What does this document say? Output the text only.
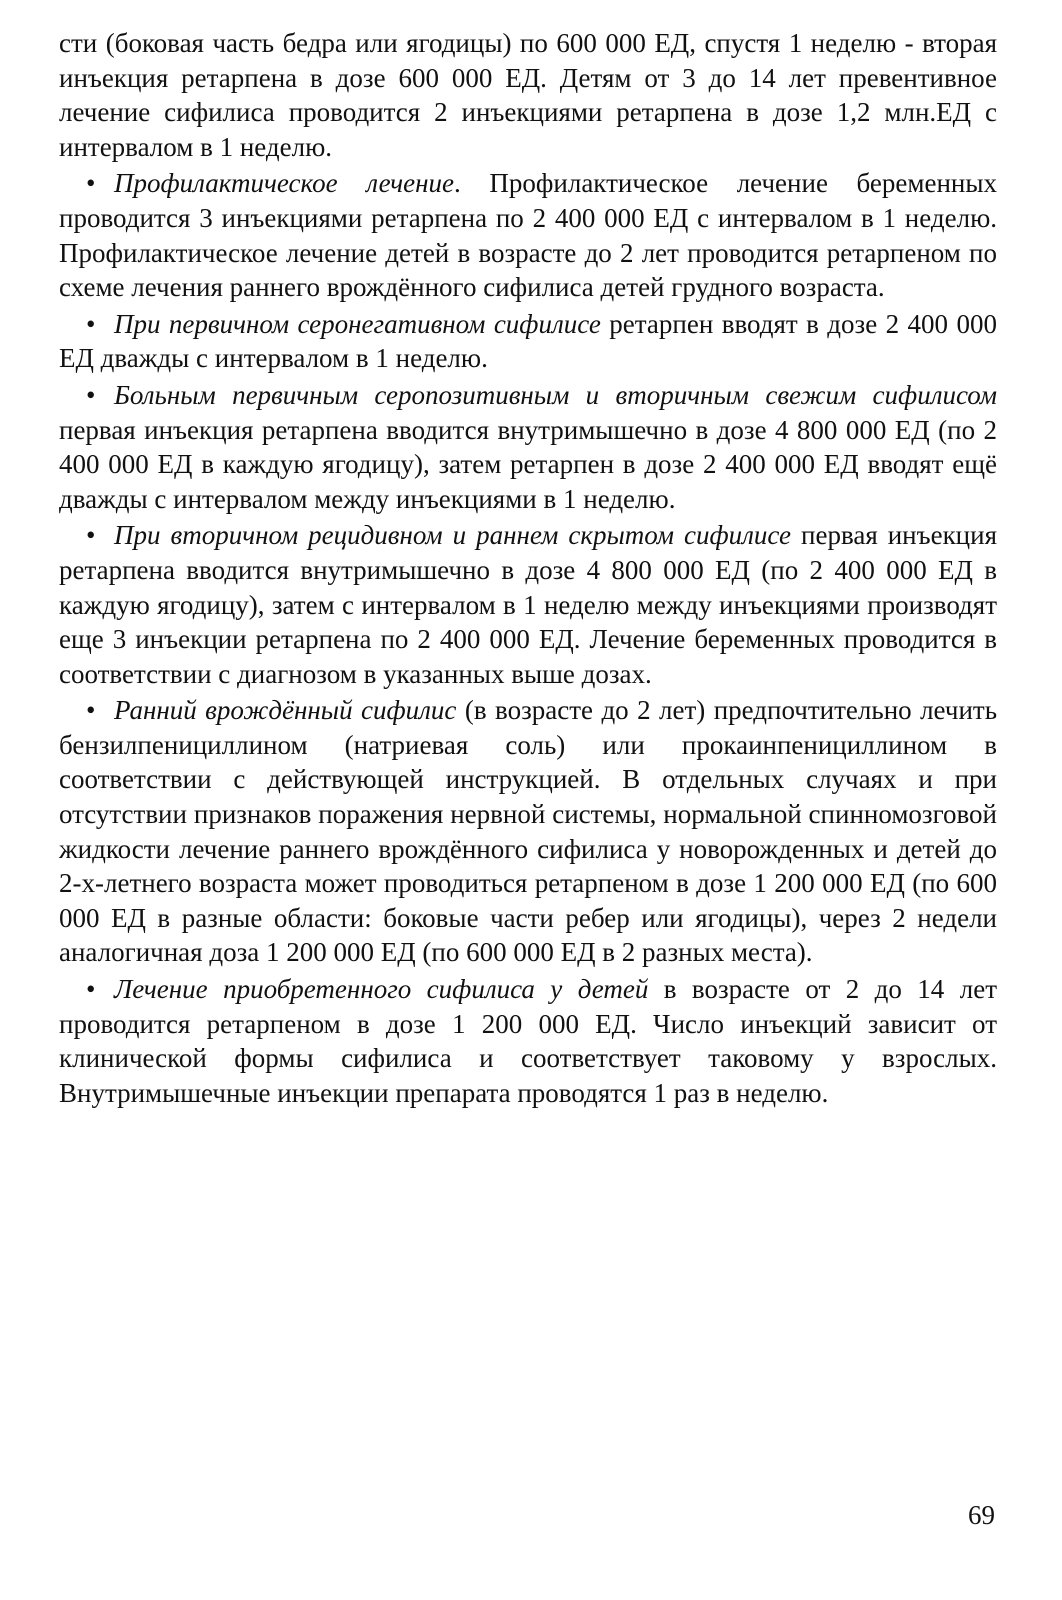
сти (боковая часть бедра или ягодицы) по 600 000 ЕД, спустя 1 неделю - вторая инъекция ретарпена в дозе 600 000 ЕД. Детям от 3 до 14 лет превентивное лечение сифилиса проводится 2 инъекциями ретарпена в дозе 1,2 млн.ЕД с интервалом в 1 неделю.

• Профилактическое лечение. Профилактическое лечение беременных проводится 3 инъекциями ретарпена по 2 400 000 ЕД с интервалом в 1 неделю. Профилактическое лечение детей в возрасте до 2 лет проводится ретарпеном по схеме лечения раннего врождённого сифилиса детей грудного возраста.

• При первичном серонегативном сифилисе ретарпен вводят в дозе 2 400 000 ЕД дважды с интервалом в 1 неделю.

• Больным первичным серопозитивным и вторичным свежим сифилисом первая инъекция ретарпена вводится внутримышечно в дозе 4 800 000 ЕД (по 2 400 000 ЕД в каждую ягодицу), затем ретарпен в дозе 2 400 000 ЕД вводят ещё дважды с интервалом между инъекциями в 1 неделю.

• При вторичном рецидивном и раннем скрытом сифилисе первая инъекция ретарпена вводится внутримышечно в дозе 4 800 000 ЕД (по 2 400 000 ЕД в каждую ягодицу), затем с интервалом в 1 неделю между инъекциями производят еще 3 инъекции ретарпена по 2 400 000 ЕД. Лечение беременных проводится в соответствии с диагнозом в указанных выше дозах.

• Ранний врождённый сифилис (в возрасте до 2 лет) предпочтительно лечить бензилпенициллином (натриевая соль) или прокаинпенициллином в соответствии с действующей инструкцией. В отдельных случаях и при отсутствии признаков поражения нервной системы, нормальной спинномозговой жидкости лечение раннего врождённого сифилиса у новорожденных и детей до 2-х-летнего возраста может проводиться ретарпеном в дозе 1 200 000 ЕД (по 600 000 ЕД в разные области: боковые части ребер или ягодицы), через 2 недели аналогичная доза 1 200 000 ЕД (по 600 000 ЕД в 2 разных места).

• Лечение приобретенного сифилиса у детей в возрасте от 2 до 14 лет проводится ретарпеном в дозе 1 200 000 ЕД. Число инъекций зависит от клинической формы сифилиса и соответствует таковому у взрослых. Внутримышечные инъекции препарата проводятся 1 раз в неделю.

69
